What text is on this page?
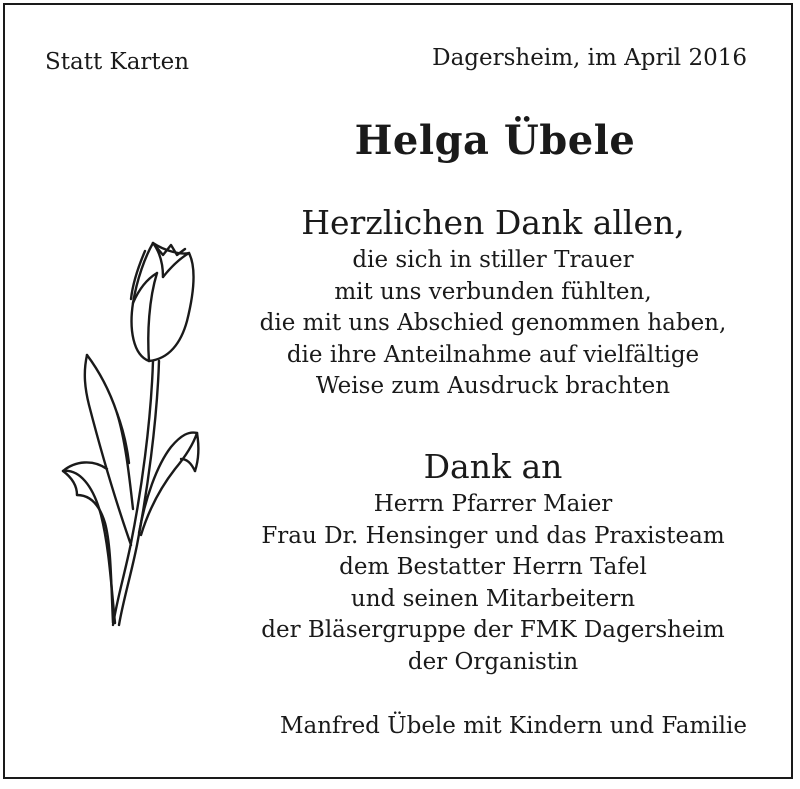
Statt Karten	Dagersheim, im April 2016
Helga Übele
Herzlichen Dank allen,
die sich in stiller Trauer
mit uns verbunden fühlten,
die mit uns Abschied genommen haben,
die ihre Anteilnahme auf vielfältige
Weise zum Ausdruck brachten
Dank an
Herrn Pfarrer Maier
Frau Dr. Hensinger und das Praxisteam
dem Bestatter Herrn Tafel
und seinen Mitarbeitern
der Bläsergruppe der FMK Dagersheim
der Organistin
Manfred Übele mit Kindern und Familie
